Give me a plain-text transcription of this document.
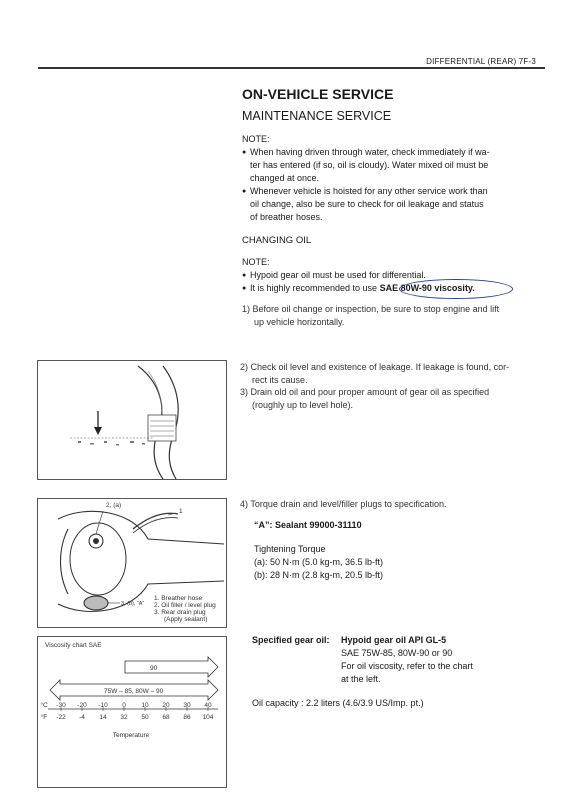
DIFFERENTIAL (REAR) 7F-3
ON-VEHICLE SERVICE
MAINTENANCE SERVICE
NOTE:
● When having driven through water, check immediately if wa-
ter has entered (if so, oil is cloudy). Water mixed oil must be
changed at once.
● Whenever vehicle is hoisted for any other service work than
oil change, also be sure to check for oil leakage and status
of breather hoses.
CHANGING OIL
NOTE:
● Hypoid gear oil must be used for differential.
● It is highly recommended to use SAE 80W-90 viscosity.
1) Before oil change or inspection, be sure to stop engine and lift
up vehicle horizontally.
2) Check oil level and existence of leakage. If leakage is found, cor-
rect its cause.
3) Drain old oil and pour proper amount of gear oil as specified
(roughly up to level hole).
2, (a)
1
3, (b), “A”
1. Breather hose
2. Oil filler / level plug
3. Rear drain plug
(Apply sealant)
4) Torque drain and level/filler plugs to specification.
“A”: Sealant 99000-31110
Tightening Torque
(a): 50 N·m (5.0 kg-m, 36.5 lb-ft)
(b): 28 N·m (2.8 kg-m, 20.5 lb-ft)
Viscosity chart SAE
90
75W – 85, 80W – 90
°C -30 -20 -10 0 10 20 30 40
°F -22 -4 14 32 50 68 86 104
Temperature
Specified gear oil: Hypoid gear oil API GL-5
SAE 75W-85, 80W-90 or 90
For oil viscosity, refer to the chart
at the left.
Oil capacity : 2.2 liters (4.6/3.9 US/Imp. pt.)
